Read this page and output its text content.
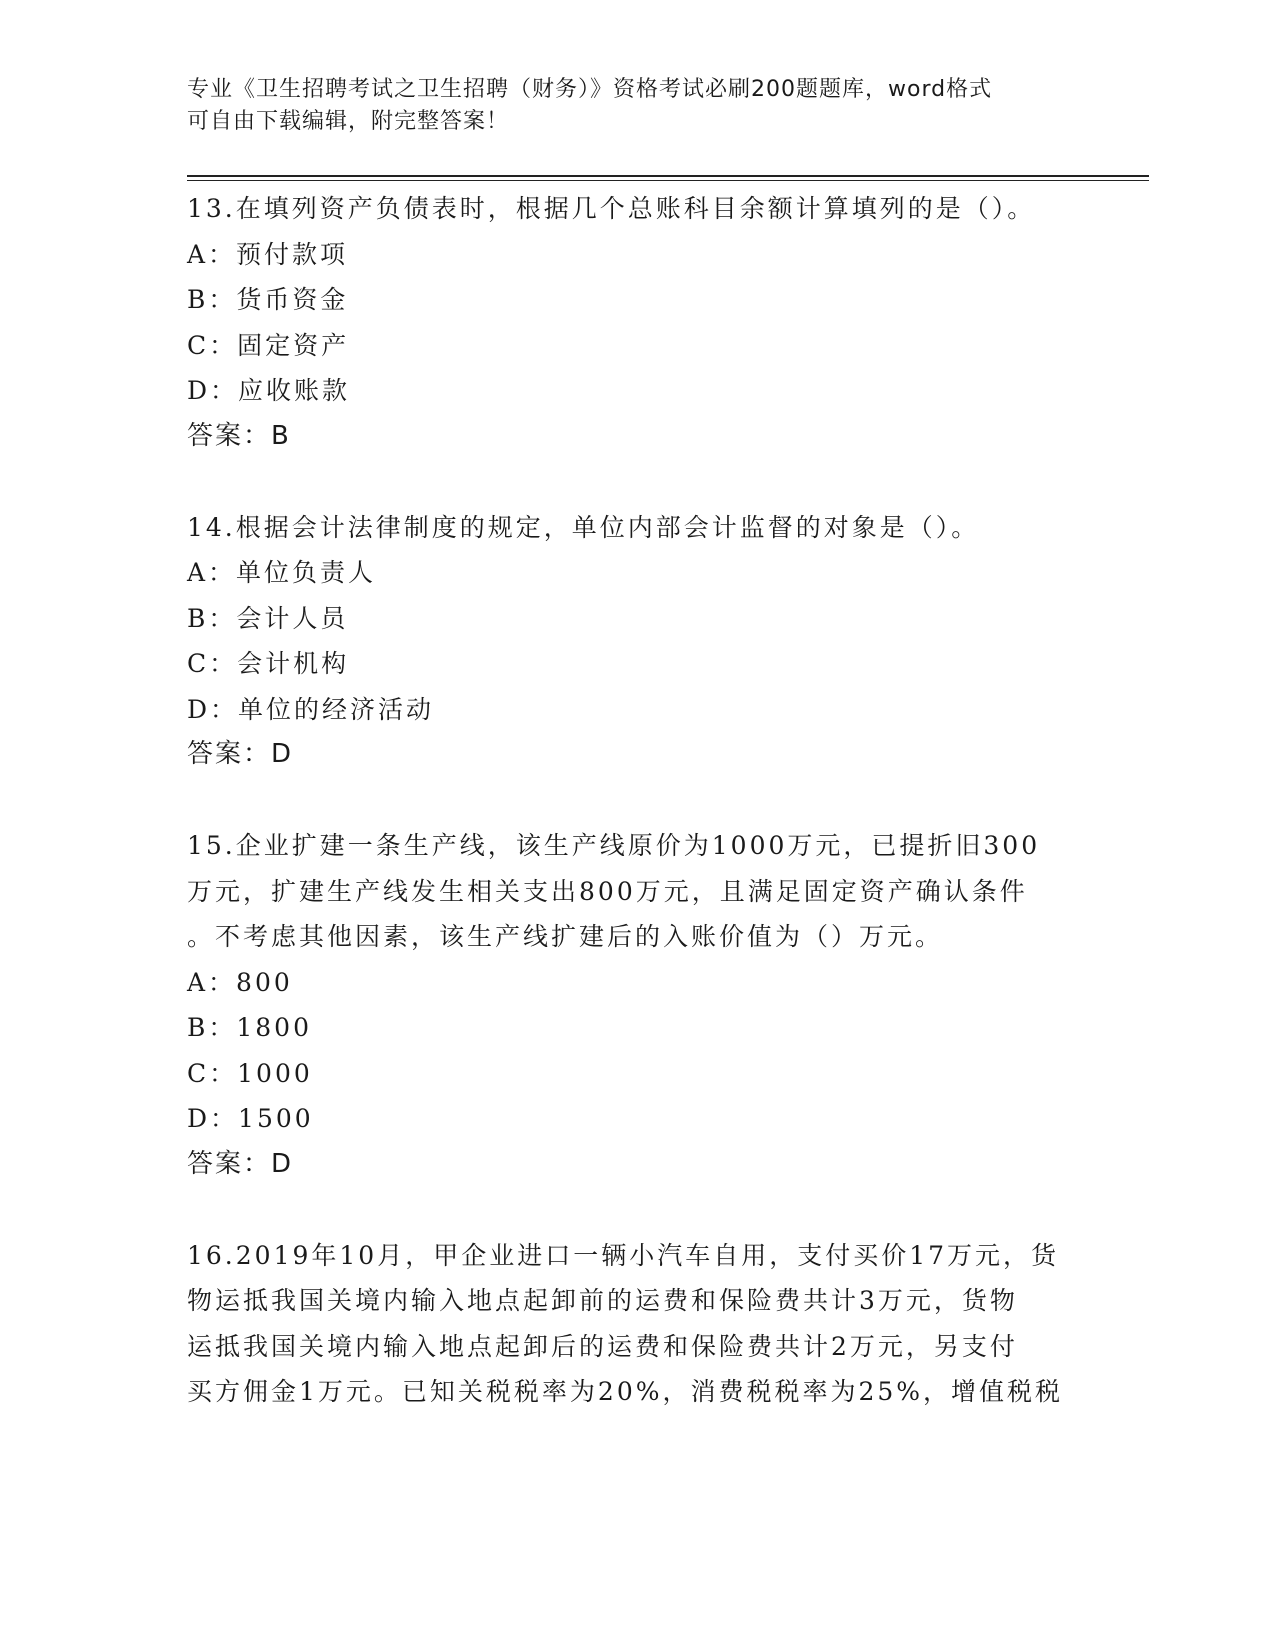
专业《卫生招聘考试之卫生招聘（财务）》资格考试必刷200题题库，word格式
可自由下载编辑，附完整答案！
13.在填列资产负债表时，根据几个总账科目余额计算填列的是（）。
A：预付款项
B：货币资金
C：固定资产
D：应收账款
答案：B
14.根据会计法律制度的规定，单位内部会计监督的对象是（）。
A：单位负责人
B：会计人员
C：会计机构
D：单位的经济活动
答案：D
15.企业扩建一条生产线，该生产线原价为1000万元，已提折旧300
万元，扩建生产线发生相关支出800万元，且满足固定资产确认条件
。不考虑其他因素，该生产线扩建后的入账价值为（）万元。
A：800
B：1800
C：1000
D：1500
答案：D
16.2019年10月，甲企业进口一辆小汽车自用，支付买价17万元，货
物运抵我国关境内输入地点起卸前的运费和保险费共计3万元，货物
运抵我国关境内输入地点起卸后的运费和保险费共计2万元，另支付
买方佣金1万元。已知关税税率为20%，消费税税率为25%，增值税税
